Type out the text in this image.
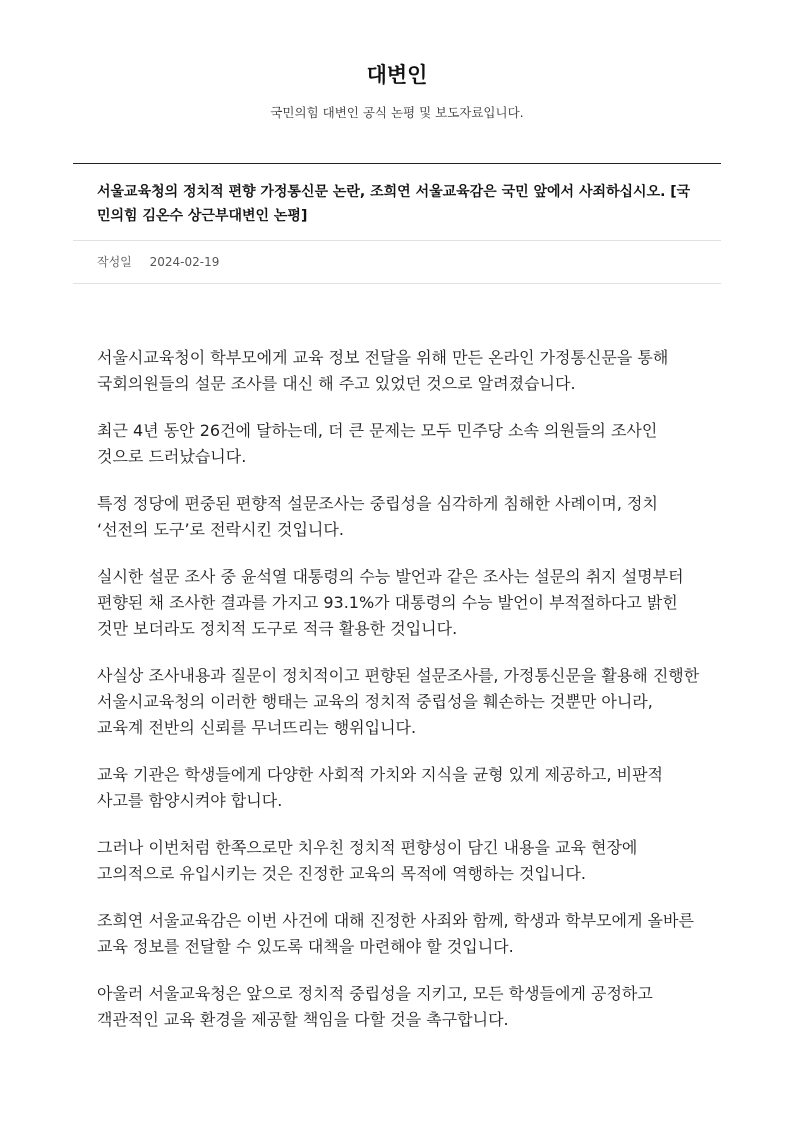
대변인

국민의힘 대변인 공식 논평 및 보도자료입니다.

서울교육청의 정치적 편향 가정통신문 논란, 조희연 서울교육감은 국민 앞에서 사죄하십시오. [국민의힘 김온수 상근부대변인 논평]
작성일 2024-02-19

서울시교육청이 학부모에게 교육 정보 전달을 위해 만든 온라인 가정통신문을 통해 국회의원들의 설문 조사를 대신 해 주고 있었던 것으로 알려졌습니다.

최근 4년 동안 26건에 달하는데, 더 큰 문제는 모두 민주당 소속 의원들의 조사인 것으로 드러났습니다.

특정 정당에 편중된 편향적 설문조사는 중립성을 심각하게 침해한 사례이며, 정치 ‘선전의 도구’로 전락시킨 것입니다.

실시한 설문 조사 중 윤석열 대통령의 수능 발언과 같은 조사는 설문의 취지 설명부터 편향된 채 조사한 결과를 가지고 93.1%가 대통령의 수능 발언이 부적절하다고 밝힌 것만 보더라도 정치적 도구로 적극 활용한 것입니다.

사실상 조사내용과 질문이 정치적이고 편향된 설문조사를, 가정통신문을 활용해 진행한 서울시교육청의 이러한 행태는 교육의 정치적 중립성을 훼손하는 것뿐만 아니라, 교육계 전반의 신뢰를 무너뜨리는 행위입니다.

교육 기관은 학생들에게 다양한 사회적 가치와 지식을 균형 있게 제공하고, 비판적 사고를 함양시켜야 합니다.

그러나 이번처럼 한쪽으로만 치우친 정치적 편향성이 담긴 내용을 교육 현장에 고의적으로 유입시키는 것은 진정한 교육의 목적에 역행하는 것입니다.

조희연 서울교육감은 이번 사건에 대해 진정한 사죄와 함께, 학생과 학부모에게 올바른 교육 정보를 전달할 수 있도록 대책을 마련해야 할 것입니다.

아울러 서울교육청은 앞으로 정치적 중립성을 지키고, 모든 학생들에게 공정하고 객관적인 교육 환경을 제공할 책임을 다할 것을 촉구합니다.
